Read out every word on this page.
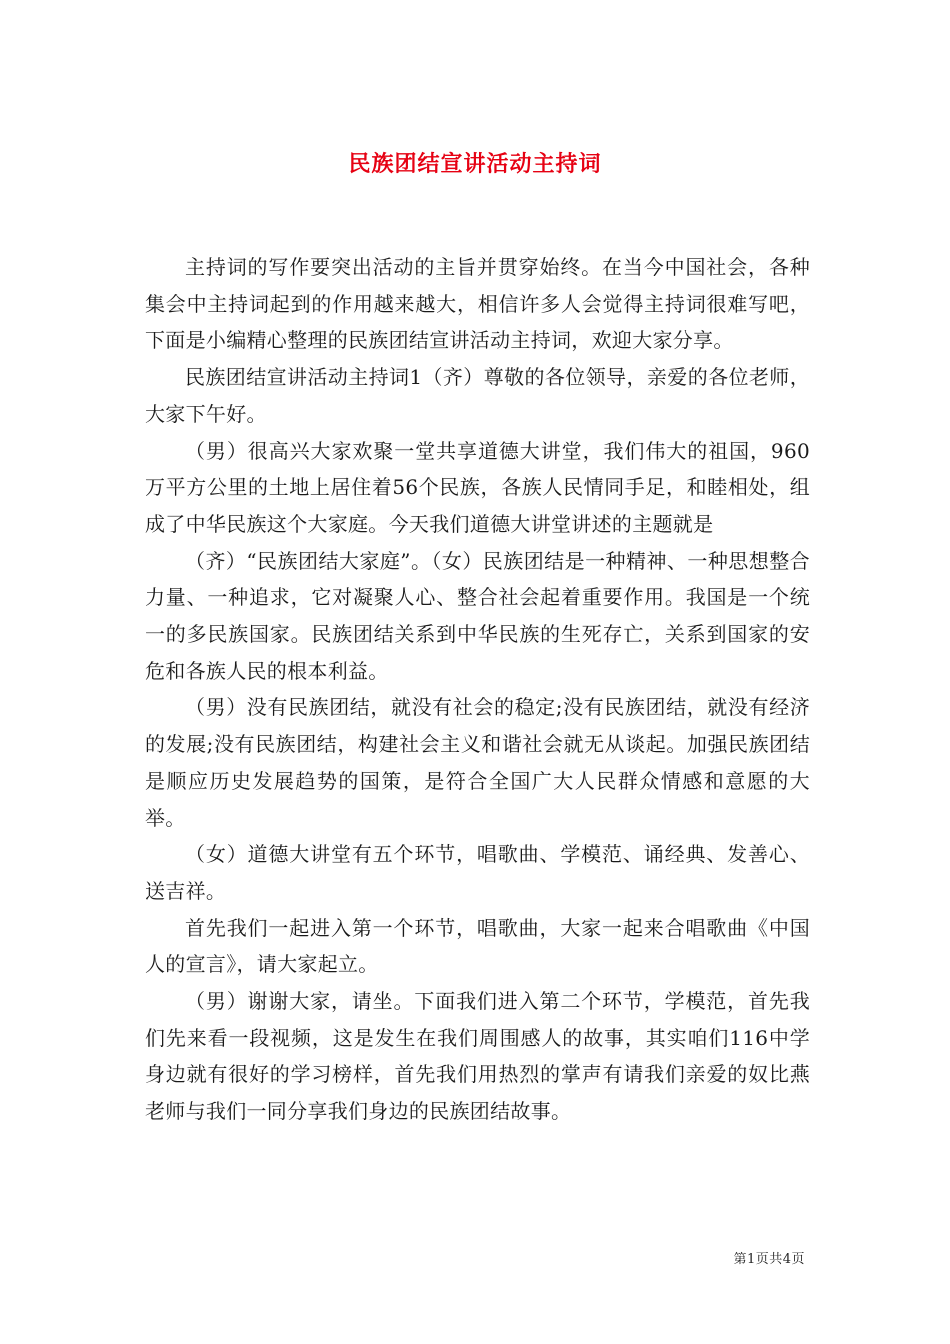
民族团结宣讲活动主持词

主持词的写作要突出活动的主旨并贯穿始终。在当今中国社会，各种集会中主持词起到的作用越来越大，相信许多人会觉得主持词很难写吧，下面是小编精心整理的民族团结宣讲活动主持词，欢迎大家分享。

民族团结宣讲活动主持词1（齐）尊敬的各位领导，亲爱的各位老师，大家下午好。

（男）很高兴大家欢聚一堂共享道德大讲堂，我们伟大的祖国，960万平方公里的土地上居住着56个民族，各族人民情同手足，和睦相处，组成了中华民族这个大家庭。今天我们道德大讲堂讲述的主题就是

（齐）“民族团结大家庭”。（女）民族团结是一种精神、一种思想整合力量、一种追求，它对凝聚人心、整合社会起着重要作用。我国是一个统一的多民族国家。民族团结关系到中华民族的生死存亡，关系到国家的安危和各族人民的根本利益。

（男）没有民族团结，就没有社会的稳定;没有民族团结，就没有经济的发展;没有民族团结，构建社会主义和谐社会就无从谈起。加强民族团结是顺应历史发展趋势的国策，是符合全国广大人民群众情感和意愿的大举。

（女）道德大讲堂有五个环节，唱歌曲、学模范、诵经典、发善心、送吉祥。

首先我们一起进入第一个环节，唱歌曲，大家一起来合唱歌曲《中国人的宣言》，请大家起立。

（男）谢谢大家，请坐。下面我们进入第二个环节，学模范，首先我们先来看一段视频，这是发生在我们周围感人的故事，其实咱们116中学身边就有很好的学习榜样，首先我们用热烈的掌声有请我们亲爱的奴比燕老师与我们一同分享我们身边的民族团结故事。

第1页共4页
